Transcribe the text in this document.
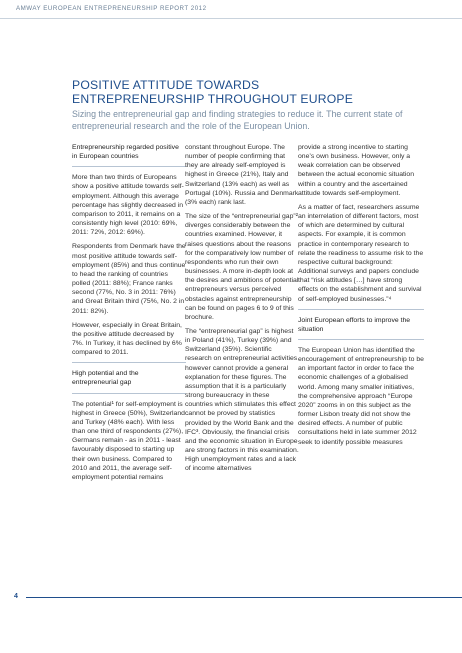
AMWAY EUROPEAN ENTREPRENEURSHIP REPORT 2012
POSITIVE ATTITUDE TOWARDS
ENTREPRENEURSHIP THROUGHOUT EUROPE
Sizing the entrepreneurial gap and finding strategies to reduce it. The current state of entrepreneurial research and the role of the European Union.

Entrepreneurship regarded positive in European countries

More than two thirds of Europeans show a positive attitude towards self-employment. Although this average percentage has slightly decreased in comparison to 2011, it remains on a consistently high level (2010: 69%, 2011: 72%, 2012: 69%).

Respondents from Denmark have the most positive attitude towards self-employment (85%) and thus continue to head the ranking of countries polled (2011: 88%); France ranks second (77%, No. 3 in 2011: 76%) and Great Britain third (75%, No. 2 in 2011: 82%).

However, especially in Great Britain, the positive attitude decreased by 7%. In Turkey, it has declined by 6% compared to 2011.

High potential and the entrepreneurial gap

The potential¹ for self-employment is highest in Greece (50%), Switzerland and Turkey (48% each). With less than one third of respondents (27%), Germans remain - as in 2011 - least favourably disposed to starting up their own business. Compared to 2010 and 2011, the average self-employment potential remains

constant throughout Europe. The number of people confirming that they are already self-employed is highest in Greece (21%), Italy and Switzerland (13% each) as well as Portugal (10%). Russia and Denmark (3% each) rank last.

The size of the “entrepreneurial gap”² diverges considerably between the countries examined. However, it raises questions about the reasons for the comparatively low number of respondents who run their own businesses. A more in-depth look at the desires and ambitions of potential entrepreneurs versus perceived obstacles against entrepreneurship can be found on pages 6 to 9 of this brochure.

The “entrepreneurial gap” is highest in Poland (41%), Turkey (39%) and Switzerland (35%). Scientific research on entrepreneurial activities however cannot provide a general explanation for these figures. The assumption that it is a particularly strong bureaucracy in these countries which stimulates this effect cannot be proved by statistics provided by the World Bank and the IFC³. Obviously, the financial crisis and the economic situation in Europe are strong factors in this examination. High unemployment rates and a lack of income alternatives

provide a strong incentive to starting one’s own business. However, only a weak correlation can be observed between the actual economic situation within a country and the ascertained attitude towards self-employment.

As a matter of fact, researchers assume an interrelation of different factors, most of which are determined by cultural aspects. For example, it is common practice in contemporary research to relate the readiness to assume risk to the respective cultural background: Additional surveys and papers conclude that “risk attitudes […] have strong effects on the establishment and survival of self-employed businesses.”⁴

Joint European efforts to improve the situation

The European Union has identified the encouragement of entrepreneurship to be an important factor in order to face the economic challenges of a globalised world. Among many smaller initiatives, the comprehensive approach “Europe 2020” zooms in on this subject as the former Lisbon treaty did not show the desired effects. A number of public consultations held in late summer 2012 seek to identify possible measures

4
